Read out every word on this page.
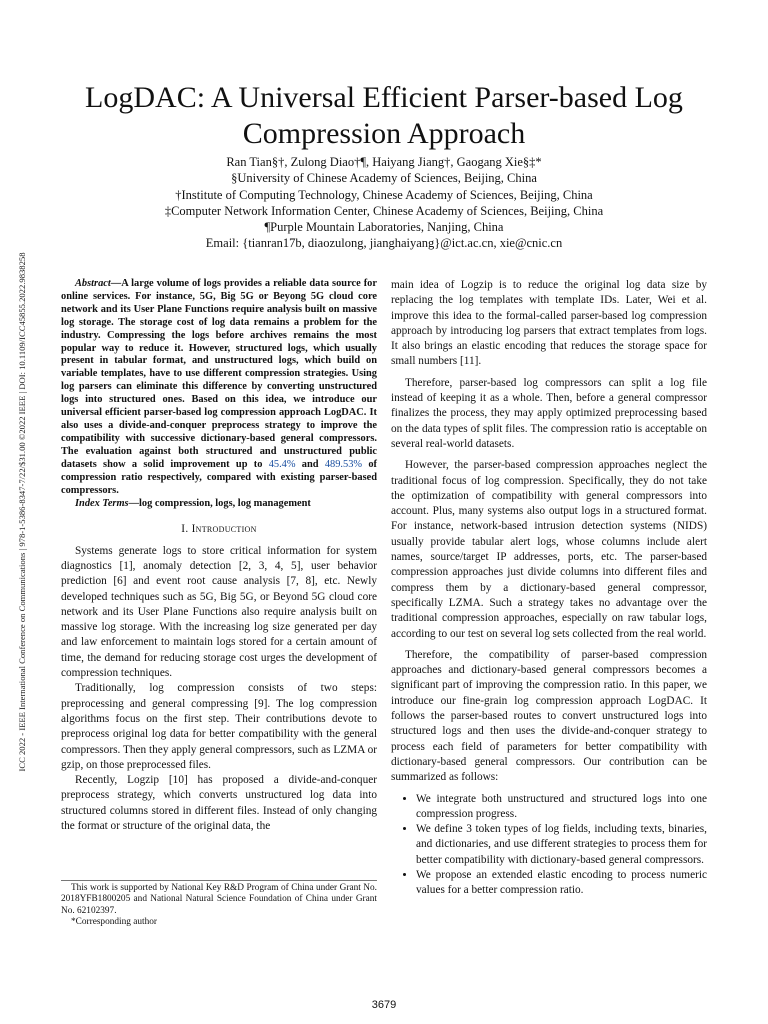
ICC 2022 - IEEE International Conference on Communications | 978-1-5386-8347-7/22/$31.00 ©2022 IEEE | DOI: 10.1109/ICC45855.2022.9838258
LogDAC: A Universal Efficient Parser-based Log
Compression Approach
Ran Tian§†, Zulong Diao†¶, Haiyang Jiang†, Gaogang Xie§‡*
§University of Chinese Academy of Sciences, Beijing, China
†Institute of Computing Technology, Chinese Academy of Sciences, Beijing, China
‡Computer Network Information Center, Chinese Academy of Sciences, Beijing, China
¶Purple Mountain Laboratories, Nanjing, China
Email: {tianran17b, diaozulong, jianghaiyang}@ict.ac.cn, xie@cnic.cn

Abstract—A large volume of logs provides a reliable data source for online services. For instance, 5G, Big 5G or Beyong 5G cloud core network and its User Plane Functions require analysis built on massive log storage. The storage cost of log data remains a problem for the industry. Compressing the logs before archives remains the most popular way to reduce it. However, structured logs, which usually present in tabular format, and unstructured logs, which build on variable templates, have to use different compression strategies. Using log parsers can eliminate this difference by converting unstructured logs into structured ones. Based on this idea, we introduce our universal efficient parser-based log compression approach LogDAC. It also uses a divide-and-conquer preprocess strategy to improve the compatibility with successive dictionary-based general compressors. The evaluation against both structured and unstructured public datasets show a solid improvement up to 45.4% and 489.53% of compression ratio respectively, compared with existing parser-based compressors.

Index Terms—log compression, logs, log management

I. Introduction

Systems generate logs to store critical information for system diagnostics [1], anomaly detection [2, 3, 4, 5], user behavior prediction [6] and event root cause analysis [7, 8], etc. Newly developed techniques such as 5G, Big 5G, or Beyond 5G cloud core network and its User Plane Functions also require analysis built on massive log storage. With the increasing log size generated per day and law enforcement to maintain logs stored for a certain amount of time, the demand for reducing storage cost urges the development of compression techniques.

Traditionally, log compression consists of two steps: preprocessing and general compressing [9]. The log compression algorithms focus on the first step. Their contributions devote to preprocess original log data for better compatibility with the general compressors. Then they apply general compressors, such as LZMA or gzip, on those preprocessed files.

Recently, Logzip [10] has proposed a divide-and-conquer preprocess strategy, which converts unstructured log data into structured columns stored in different files. Instead of only changing the format or structure of the original data, the

main idea of Logzip is to reduce the original log data size by replacing the log templates with template IDs. Later, Wei et al. improve this idea to the formal-called parser-based log compression approach by introducing log parsers that extract templates from logs. It also brings an elastic encoding that reduces the storage space for small numbers [11].

Therefore, parser-based log compressors can split a log file instead of keeping it as a whole. Then, before a general compressor finalizes the process, they may apply optimized preprocessing based on the data types of split files. The compression ratio is acceptable on several real-world datasets.

However, the parser-based compression approaches neglect the traditional focus of log compression. Specifically, they do not take the optimization of compatibility with general compressors into account. Plus, many systems also output logs in a structured format. For instance, network-based intrusion detection systems (NIDS) usually provide tabular alert logs, whose columns include alert names, source/target IP addresses, ports, etc. The parser-based compression approaches just divide columns into different files and compress them by a dictionary-based general compressor, specifically LZMA. Such a strategy takes no advantage over the traditional compression approaches, especially on raw tabular logs, according to our test on several log sets collected from the real world.

Therefore, the compatibility of parser-based compression approaches and dictionary-based general compressors becomes a significant part of improving the compression ratio. In this paper, we introduce our fine-grain log compression approach LogDAC. It follows the parser-based routes to convert unstructured logs into structured logs and then uses the divide-and-conquer strategy to process each field of parameters for better compatibility with dictionary-based general compressors. Our contribution can be summarized as follows:

• We integrate both unstructured and structured logs into one compression progress.
• We define 3 token types of log fields, including texts, binaries, and dictionaries, and use different strategies to process them for better compatibility with dictionary-based general compressors.
• We propose an extended elastic encoding to process numeric values for a better compression ratio.

This work is supported by National Key R&D Program of China under Grant No. 2018YFB1800205 and National Natural Science Foundation of China under Grant No. 62102397.

*Corresponding author

3679
